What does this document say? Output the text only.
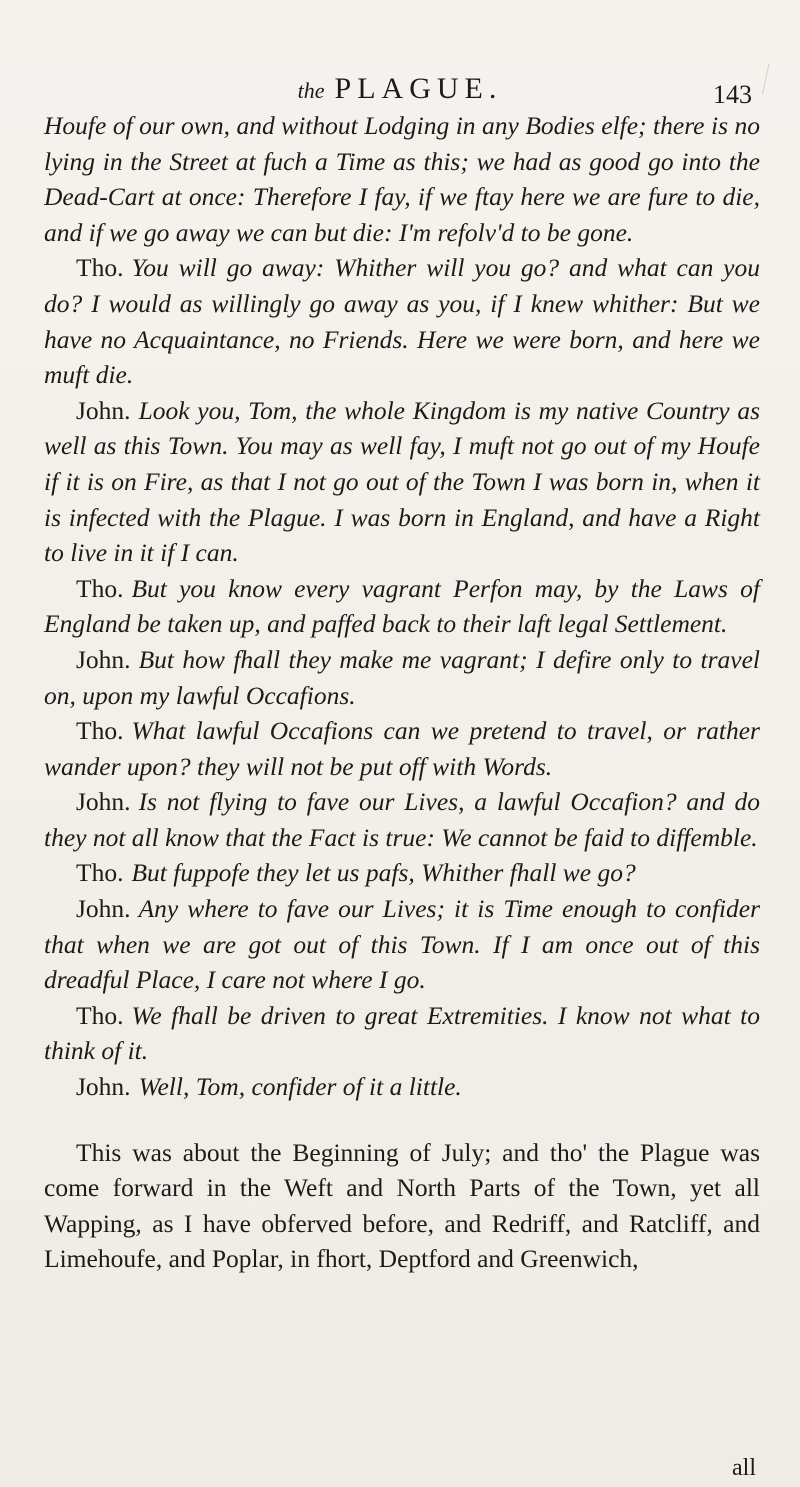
the PLAGUE.	143

Houfe of our own, and without Lodging in any Bodies elfe; there is no lying in the Street at fuch a Time as this; we had as good go into the Dead-Cart at once: Therefore I fay, if we ftay here we are fure to die, and if we go away we can but die: I'm refolv'd to be gone.

Tho. You will go away: Whither will you go? and what can you do? I would as willingly go away as you, if I knew whither: But we have no Acquaintance, no Friends. Here we were born, and here we muft die.

John. Look you, Tom, the whole Kingdom is my native Country as well as this Town. You may as well fay, I muft not go out of my Houfe if it is on Fire, as that I not go out of the Town I was born in, when it is infected with the Plague. I was born in England, and have a Right to live in it if I can.

Tho. But you know every vagrant Perfon may, by the Laws of England be taken up, and paffed back to their laft legal Settlement.

John. But how fhall they make me vagrant; I defire only to travel on, upon my lawful Occafions.

Tho. What lawful Occafions can we pretend to travel, or rather wander upon? they will not be put off with Words.

John. Is not flying to fave our Lives, a lawful Occafion? and do they not all know that the Fact is true: We cannot be faid to diffemble.

Tho. But fuppofe they let us pafs, Whither fhall we go?

John. Any where to fave our Lives; it is Time enough to confider that when we are got out of this Town. If I am once out of this dreadful Place, I care not where I go.

Tho. We fhall be driven to great Extremities. I know not what to think of it.

John. Well, Tom, confider of it a little.

This was about the Beginning of July; and tho' the Plague was come forward in the Weft and North Parts of the Town, yet all Wapping, as I have obferved before, and Redriff, and Ratcliff, and Limehoufe, and Poplar, in fhort, Deptford and Greenwich,

all
